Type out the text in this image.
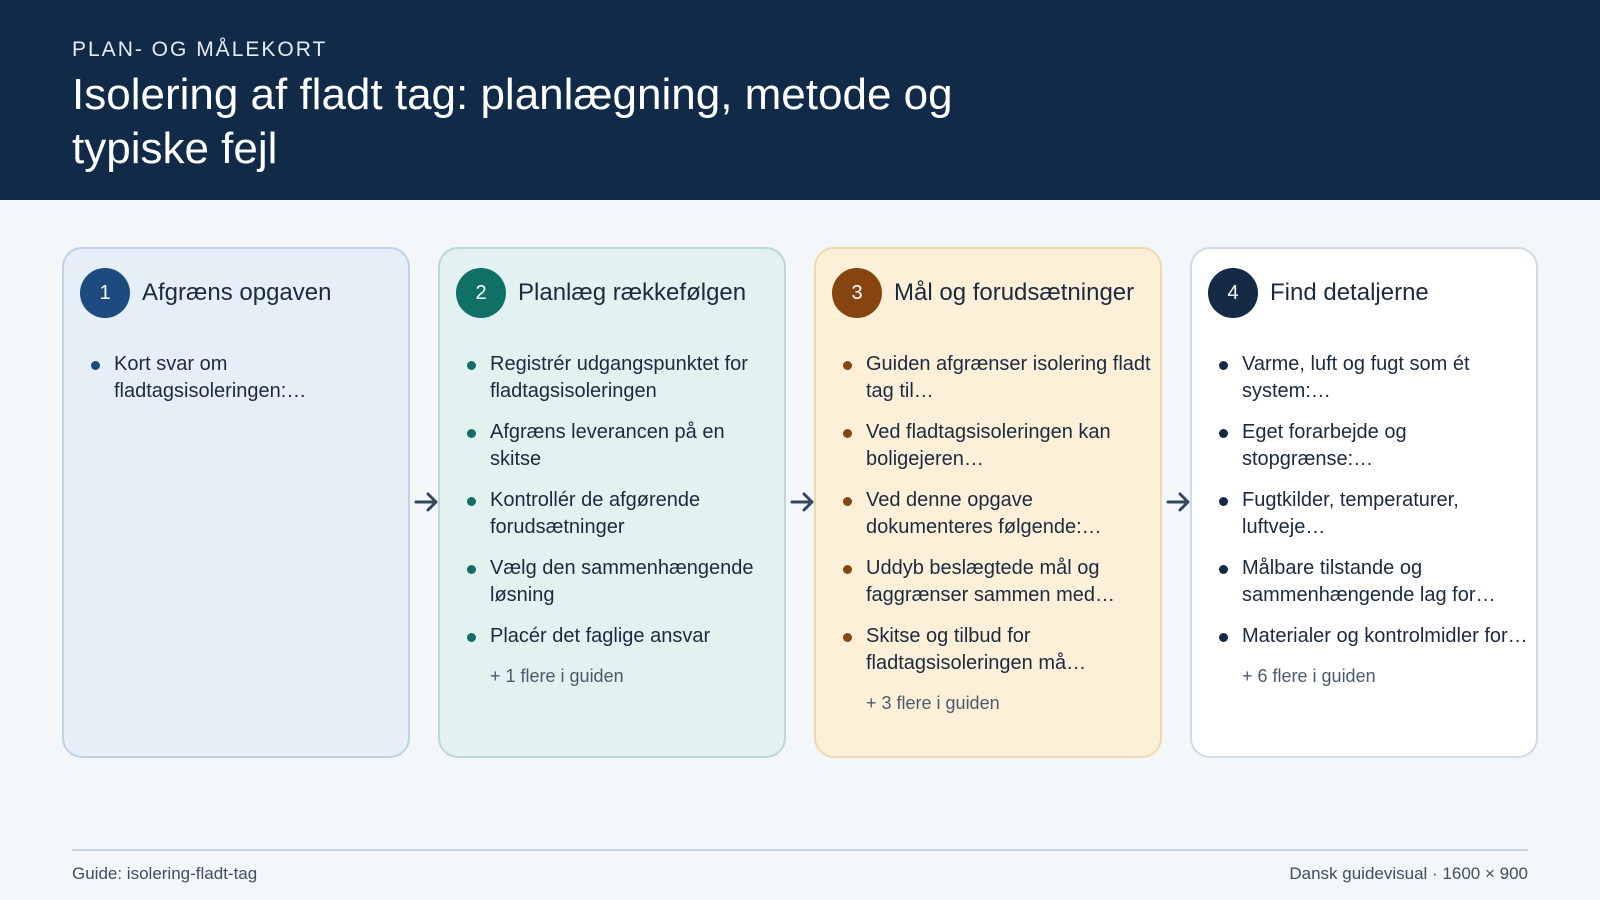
PLAN- OG MÅLEKORT
Isolering af fladt tag: planlægning, metode og typiske fejl
1	Afgræns opgaven
Kort svar om fladtagsisoleringen:…
2	Planlæg rækkefølgen
Registrér udgangspunktet for fladtagsisoleringen
Afgræns leverancen på en skitse
Kontrollér de afgørende forudsætninger
Vælg den sammenhængende løsning
Placér det faglige ansvar
+ 1 flere i guiden
3	Mål og forudsætninger
Guiden afgrænser isolering fladt tag til…
Ved fladtagsisoleringen kan boligejeren…
Ved denne opgave dokumenteres følgende:…
Uddyb beslægtede mål og faggrænser sammen med…
Skitse og tilbud for fladtagsisoleringen må…
+ 3 flere i guiden
4	Find detaljerne
Varme, luft og fugt som ét system:…
Eget forarbejde og stopgrænse:…
Fugtkilder, temperaturer, luftveje…
Målbare tilstande og sammenhængende lag for…
Materialer og kontrolmidler for…
+ 6 flere i guiden
Guide: isolering-fladt-tag	Dansk guidevisual · 1600 × 900
